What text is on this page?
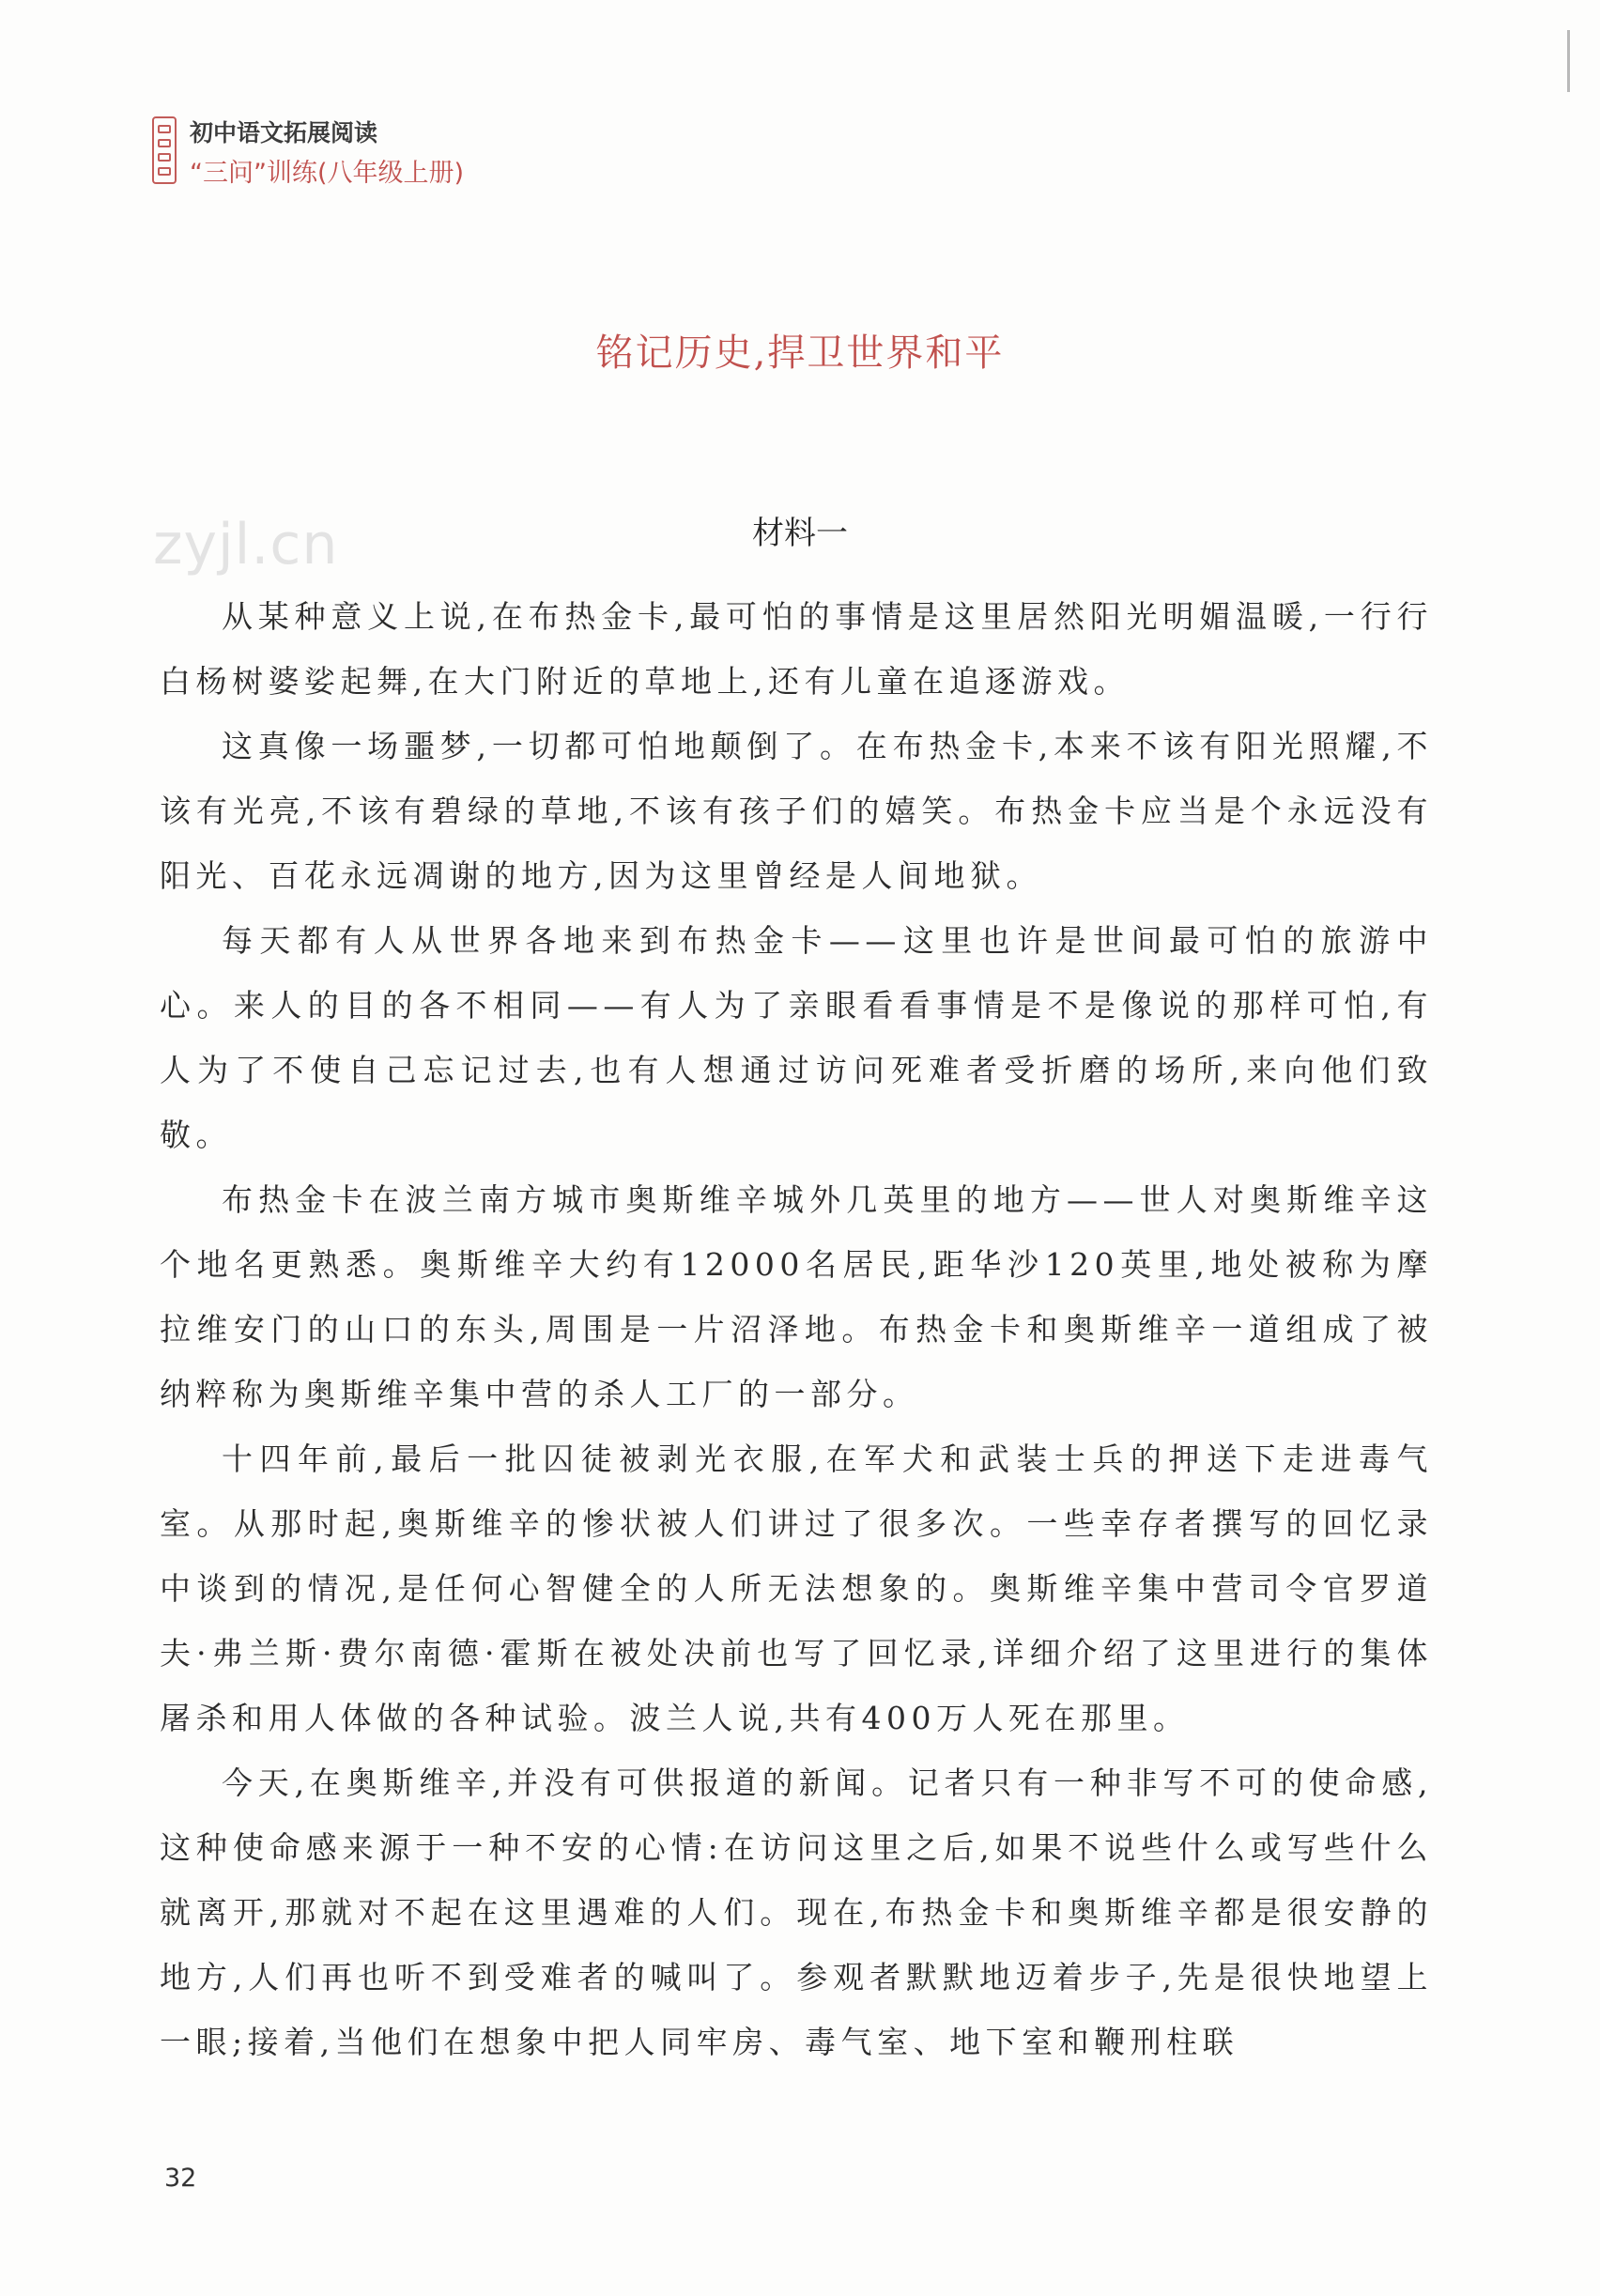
初中语文拓展阅读
“三问”训练(八年级上册)
铭记历史,捍卫世界和平
zyjl.cn	材料一

从某种意义上说,在布热金卡,最可怕的事情是这里居然阳光明媚温暖,一行行白杨树婆娑起舞,在大门附近的草地上,还有儿童在追逐游戏。

这真像一场噩梦,一切都可怕地颠倒了。在布热金卡,本来不该有阳光照耀,不该有光亮,不该有碧绿的草地,不该有孩子们的嬉笑。布热金卡应当是个永远没有阳光、百花永远凋谢的地方,因为这里曾经是人间地狱。

每天都有人从世界各地来到布热金卡——这里也许是世间最可怕的旅游中心。来人的目的各不相同——有人为了亲眼看看事情是不是像说的那样可怕,有人为了不使自己忘记过去,也有人想通过访问死难者受折磨的场所,来向他们致敬。

布热金卡在波兰南方城市奥斯维辛城外几英里的地方——世人对奥斯维辛这个地名更熟悉。奥斯维辛大约有12000名居民,距华沙120英里,地处被称为摩拉维安门的山口的东头,周围是一片沼泽地。布热金卡和奥斯维辛一道组成了被纳粹称为奥斯维辛集中营的杀人工厂的一部分。

十四年前,最后一批囚徒被剥光衣服,在军犬和武装士兵的押送下走进毒气室。从那时起,奥斯维辛的惨状被人们讲过了很多次。一些幸存者撰写的回忆录中谈到的情况,是任何心智健全的人所无法想象的。奥斯维辛集中营司令官罗道夫·弗兰斯·费尔南德·霍斯在被处决前也写了回忆录,详细介绍了这里进行的集体屠杀和用人体做的各种试验。波兰人说,共有400万人死在那里。

今天,在奥斯维辛,并没有可供报道的新闻。记者只有一种非写不可的使命感,这种使命感来源于一种不安的心情:在访问这里之后,如果不说些什么或写些什么就离开,那就对不起在这里遇难的人们。现在,布热金卡和奥斯维辛都是很安静的地方,人们再也听不到受难者的喊叫了。参观者默默地迈着步子,先是很快地望上一眼;接着,当他们在想象中把人同牢房、毒气室、地下室和鞭刑柱联

32
